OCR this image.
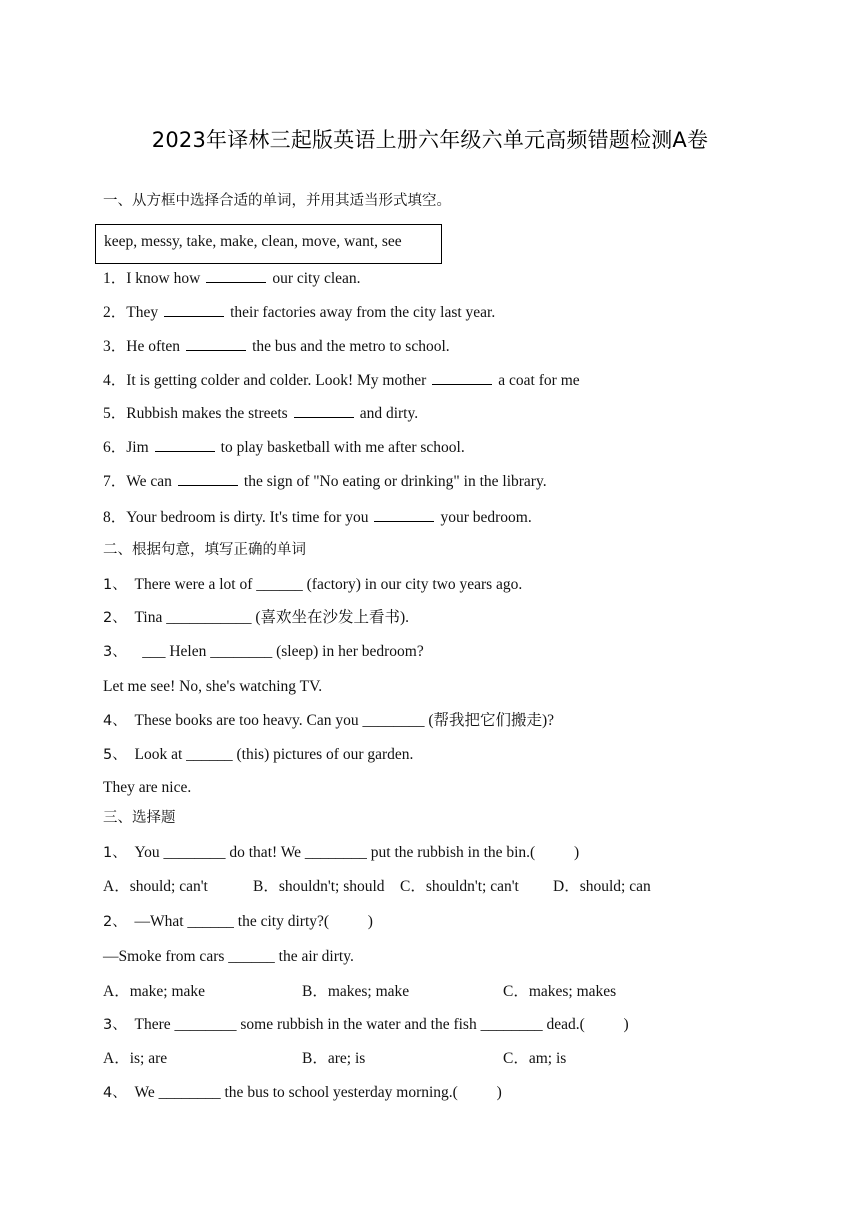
2023年译林三起版英语上册六年级六单元高频错题检测A卷
一、从方框中选择合适的单词，并用其适当形式填空。
keep, messy, take, make, clean, move, want, see
1．I know how	our city clean.
2．They	their factories away from the city last year.
3．He often	the bus and the metro to school.
4．It is getting colder and colder. Look! My mother	a coat for me
5．Rubbish makes the streets	and dirty.
6．Jim	to play basketball with me after school.
7．We can	the sign of "No eating or drinking" in the library.
8．Your bedroom is dirty. It's time for you	your bedroom.
二、根据句意，填写正确的单词
1、 There were a lot of ______ (factory) in our city two years ago.
2、 Tina ___________ (喜欢坐在沙发上看书).
3、 ___ Helen ________ (sleep) in her bedroom?
Let me see! No, she's watching TV.
4、 These books are too heavy. Can you ________ (帮我把它们搬走)?
5、 Look at ______ (this) pictures of our garden.
They are nice.
三、选择题
1、 You ________ do that! We ________ put the rubbish in the bin.(          )
A．should; can't	B．shouldn't; should C．shouldn't; can't D．should; can
2、 —What ______ the city dirty?(          )
—Smoke from cars ______ the air dirty.
A．make; make	B．makes; make	C．makes; makes
3、 There ________ some rubbish in the water and the fish ________ dead.(          )
A．is; are	B．are; is	C．am; is
4、 We ________ the bus to school yesterday morning.(          )
